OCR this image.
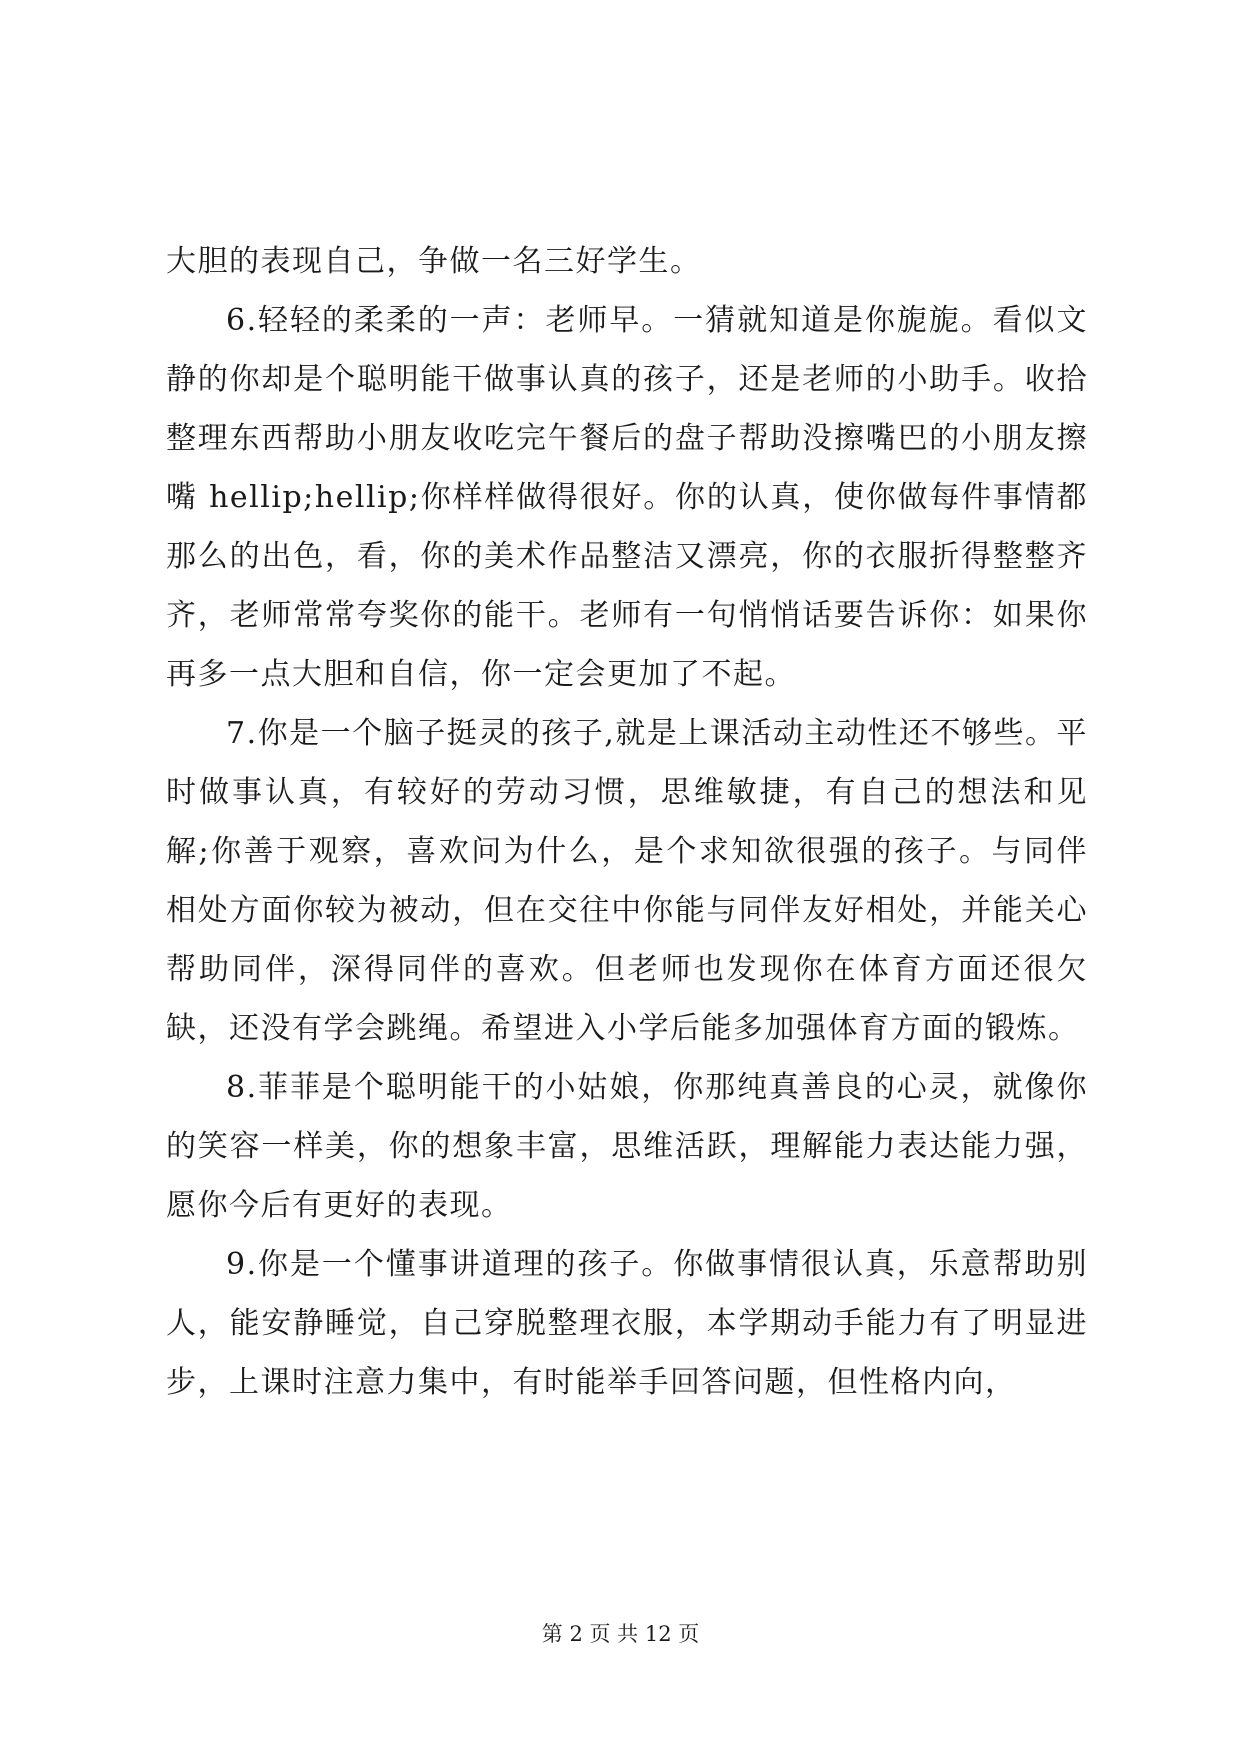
大胆的表现自己，争做一名三好学生。

6.轻轻的柔柔的一声：老师早。一猜就知道是你旎旎。看似文静的你却是个聪明能干做事认真的孩子，还是老师的小助手。收拾整理东西帮助小朋友收吃完午餐后的盘子帮助没擦嘴巴的小朋友擦嘴 hellip;hellip;你样样做得很好。你的认真，使你做每件事情都那么的出色，看，你的美术作品整洁又漂亮，你的衣服折得整整齐齐，老师常常夸奖你的能干。老师有一句悄悄话要告诉你：如果你再多一点大胆和自信，你一定会更加了不起。

7.你是一个脑子挺灵的孩子,就是上课活动主动性还不够些。平时做事认真，有较好的劳动习惯，思维敏捷，有自己的想法和见解;你善于观察，喜欢问为什么，是个求知欲很强的孩子。与同伴相处方面你较为被动，但在交往中你能与同伴友好相处，并能关心帮助同伴，深得同伴的喜欢。但老师也发现你在体育方面还很欠缺，还没有学会跳绳。希望进入小学后能多加强体育方面的锻炼。

8.菲菲是个聪明能干的小姑娘，你那纯真善良的心灵，就像你的笑容一样美，你的想象丰富，思维活跃，理解能力表达能力强，愿你今后有更好的表现。

9.你是一个懂事讲道理的孩子。你做事情很认真，乐意帮助别人，能安静睡觉，自己穿脱整理衣服，本学期动手能力有了明显进步，上课时注意力集中，有时能举手回答问题，但性格内向，

第 2 页 共 12 页
